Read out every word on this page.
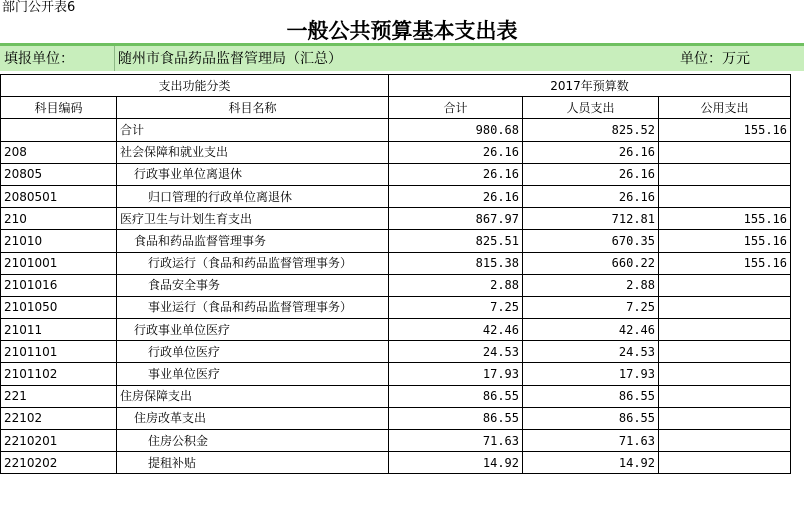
部门公开表6
一般公共预算基本支出表
填报单位：	随州市食品药品监督管理局（汇总）	单位：万元
支出功能分类		2017年预算数		
科目编码	科目名称	合计	人员支出	公用支出
	合计	980.68	825.52	155.16
208	社会保障和就业支出	26.16	26.16	
20805	行政事业单位离退休	26.16	26.16	
2080501	归口管理的行政单位离退休	26.16	26.16	
210	医疗卫生与计划生育支出	867.97	712.81	155.16
21010	食品和药品监督管理事务	825.51	670.35	155.16
2101001	行政运行（食品和药品监督管理事务）	815.38	660.22	155.16
2101016	食品安全事务	2.88	2.88	
2101050	事业运行（食品和药品监督管理事务）	7.25	7.25	
21011	行政事业单位医疗	42.46	42.46	
2101101	行政单位医疗	24.53	24.53	
2101102	事业单位医疗	17.93	17.93	
221	住房保障支出	86.55	86.55	
22102	住房改革支出	86.55	86.55	
2210201	住房公积金	71.63	71.63	
2210202	提租补贴	14.92	14.92	
